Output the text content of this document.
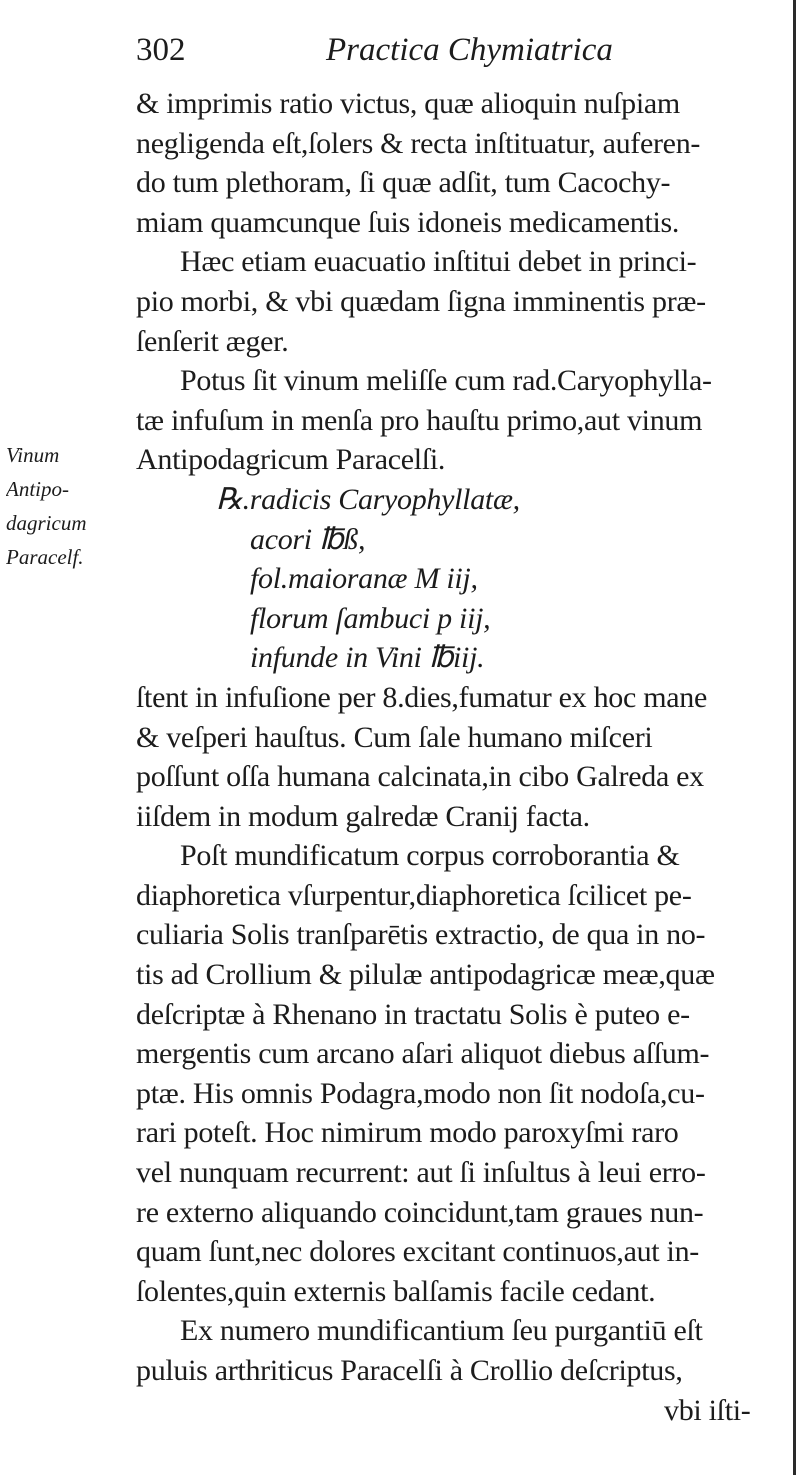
302	Practica Chymiatrica
Vinum
Antipo-
dagricum
Paracelf.
& imprimis ratio victus, quæ alioquin nuſpiam
negligenda eſt,ſolers & recta inſtituatur, auferen-
do tum plethoram, ſi quæ adſit, tum Cacochy-
miam quamcunque ſuis idoneis medicamentis.
Hæc etiam euacuatio inſtitui debet in princi-
pio morbi, & vbi quædam ſigna imminentis præ-
ſenſerit æger.
Potus ſit vinum meliſſe cum rad.Caryophylla-
tæ infuſum in menſa pro hauſtu primo,aut vinum
Antipodagricum Paracelſi.
℞.radicis Caryophyllatæ,
acori ℔ß,
fol.maioranæ M iij,
florum ſambuci p iij,
infunde in Vini ℔iij.
ſtent in infuſione per 8.dies,fumatur ex hoc mane
& veſperi hauſtus. Cum ſale humano miſceri
poſſunt oſſa humana calcinata,in cibo Galreda ex
iiſdem in modum galredæ Cranij facta.
Poſt mundificatum corpus corroborantia &
diaphoretica vſurpentur,diaphoretica ſcilicet pe-
culiaria Solis tranſparētis extractio, de qua in no-
tis ad Crollium & pilulæ antipodagricæ meæ,quæ
deſcriptæ à Rhenano in tractatu Solis è puteo e-
mergentis cum arcano aſari aliquot diebus aſſum-
ptæ. His omnis Podagra,modo non ſit nodoſa,cu-
rari poteſt. Hoc nimirum modo paroxyſmi raro
vel nunquam recurrent: aut ſi inſultus à leui erro-
re externo aliquando coincidunt,tam graues nun-
quam ſunt,nec dolores excitant continuos,aut in-
ſolentes,quin externis balſamis facile cedant.
Ex numero mundificantium ſeu purgantiū eſt
puluis arthriticus Paracelſi à Crollio deſcriptus,
vbi iſti-
